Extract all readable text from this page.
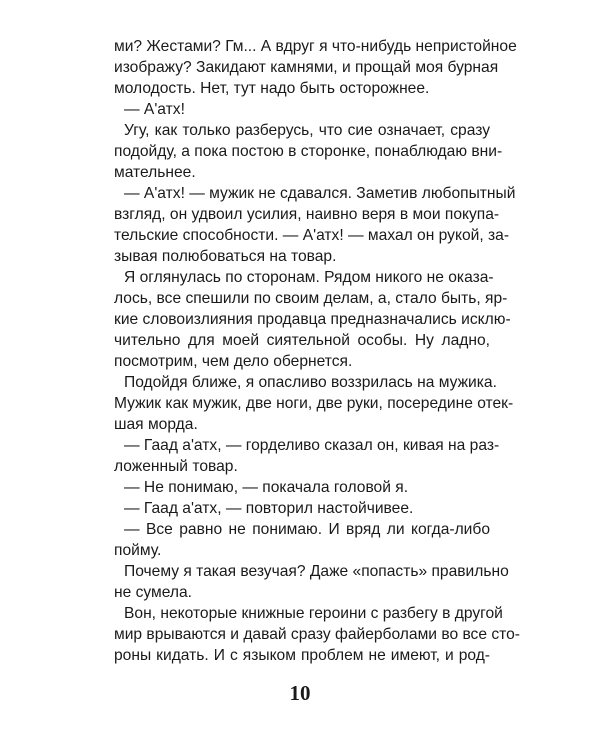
ми? Жестами? Гм... А вдруг я что-нибудь непристойное
изображу? Закидают камнями, и прощай моя бурная
молодость. Нет, тут надо быть осторожнее.
— А'атх!
Угу, как только разберусь, что сие означает, сразу
подойду, а пока постою в сторонке, понаблюдаю вни-
мательнее.
— А'атх! — мужик не сдавался. Заметив любопытный
взгляд, он удвоил усилия, наивно веря в мои покупа-
тельские способности. — А'атх! — махал он рукой, за-
зывая полюбоваться на товар.
Я оглянулась по сторонам. Рядом никого не оказа-
лось, все спешили по своим делам, а, стало быть, яр-
кие словоизлияния продавца предназначались исклю-
чительно для моей сиятельной особы. Ну ладно,
посмотрим, чем дело обернется.
Подойдя ближе, я опасливо воззрилась на мужика.
Мужик как мужик, две ноги, две руки, посередине отек-
шая морда.
— Гаад а'атх, — горделиво сказал он, кивая на раз-
ложенный товар.
— Не понимаю, — покачала головой я.
— Гаад а'атх, — повторил настойчивее.
— Все равно не понимаю. И вряд ли когда-либо
пойму.
Почему я такая везучая? Даже «попасть» правильно
не сумела.
Вон, некоторые книжные героини с разбегу в другой
мир врываются и давай сразу файерболами во все сто-
роны кидать. И с языком проблем не имеют, и род-
10
